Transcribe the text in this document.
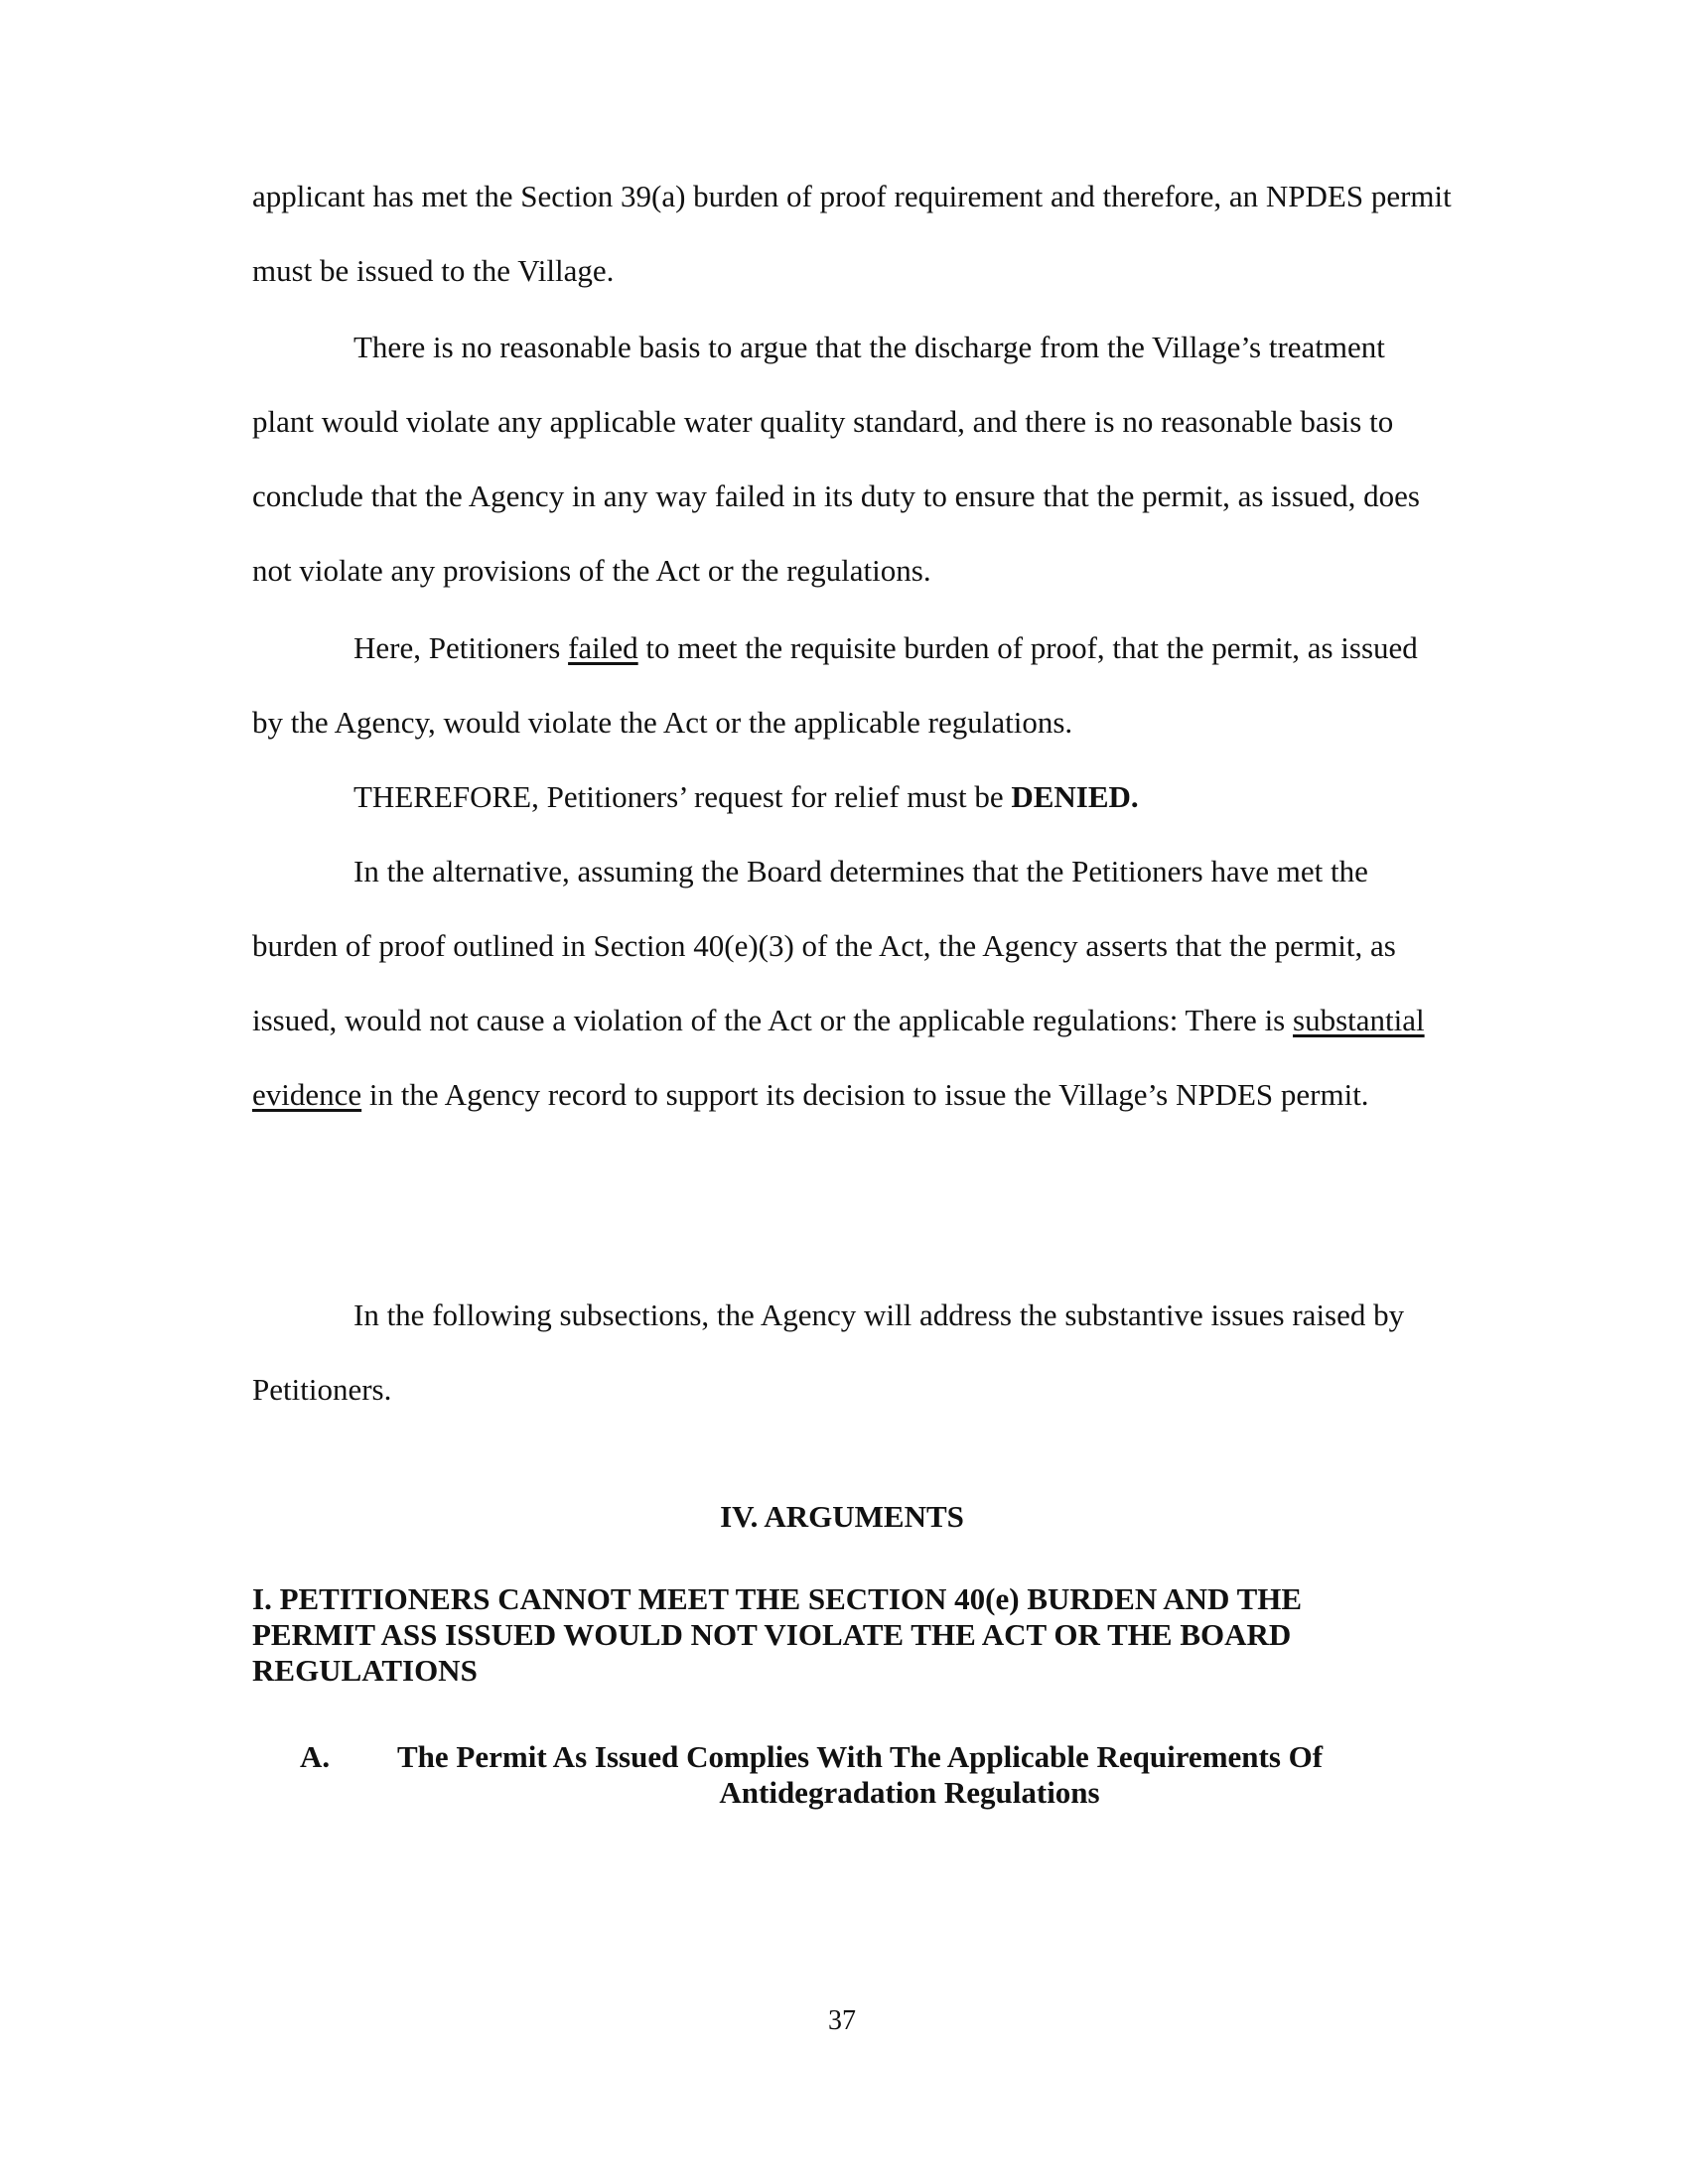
applicant has met the Section 39(a) burden of proof requirement and therefore, an NPDES permit must be issued to the Village.

There is no reasonable basis to argue that the discharge from the Village’s treatment plant would violate any applicable water quality standard, and there is no reasonable basis to conclude that the Agency in any way failed in its duty to ensure that the permit, as issued, does not violate any provisions of the Act or the regulations.

Here, Petitioners failed to meet the requisite burden of proof, that the permit, as issued by the Agency, would violate the Act or the applicable regulations.

THEREFORE, Petitioners’ request for relief must be DENIED.

In the alternative, assuming the Board determines that the Petitioners have met the burden of proof outlined in Section 40(e)(3) of the Act, the Agency asserts that the permit, as issued, would not cause a violation of the Act or the applicable regulations: There is substantial evidence in the Agency record to support its decision to issue the Village’s NPDES permit.

In the following subsections, the Agency will address the substantive issues raised by Petitioners.

IV. ARGUMENTS
I. PETITIONERS CANNOT MEET THE SECTION 40(e) BURDEN AND THE PERMIT ASS ISSUED WOULD NOT VIOLATE THE ACT OR THE BOARD REGULATIONS
A. The Permit As Issued Complies With The Applicable Requirements Of
Antidegradation Regulations

37
